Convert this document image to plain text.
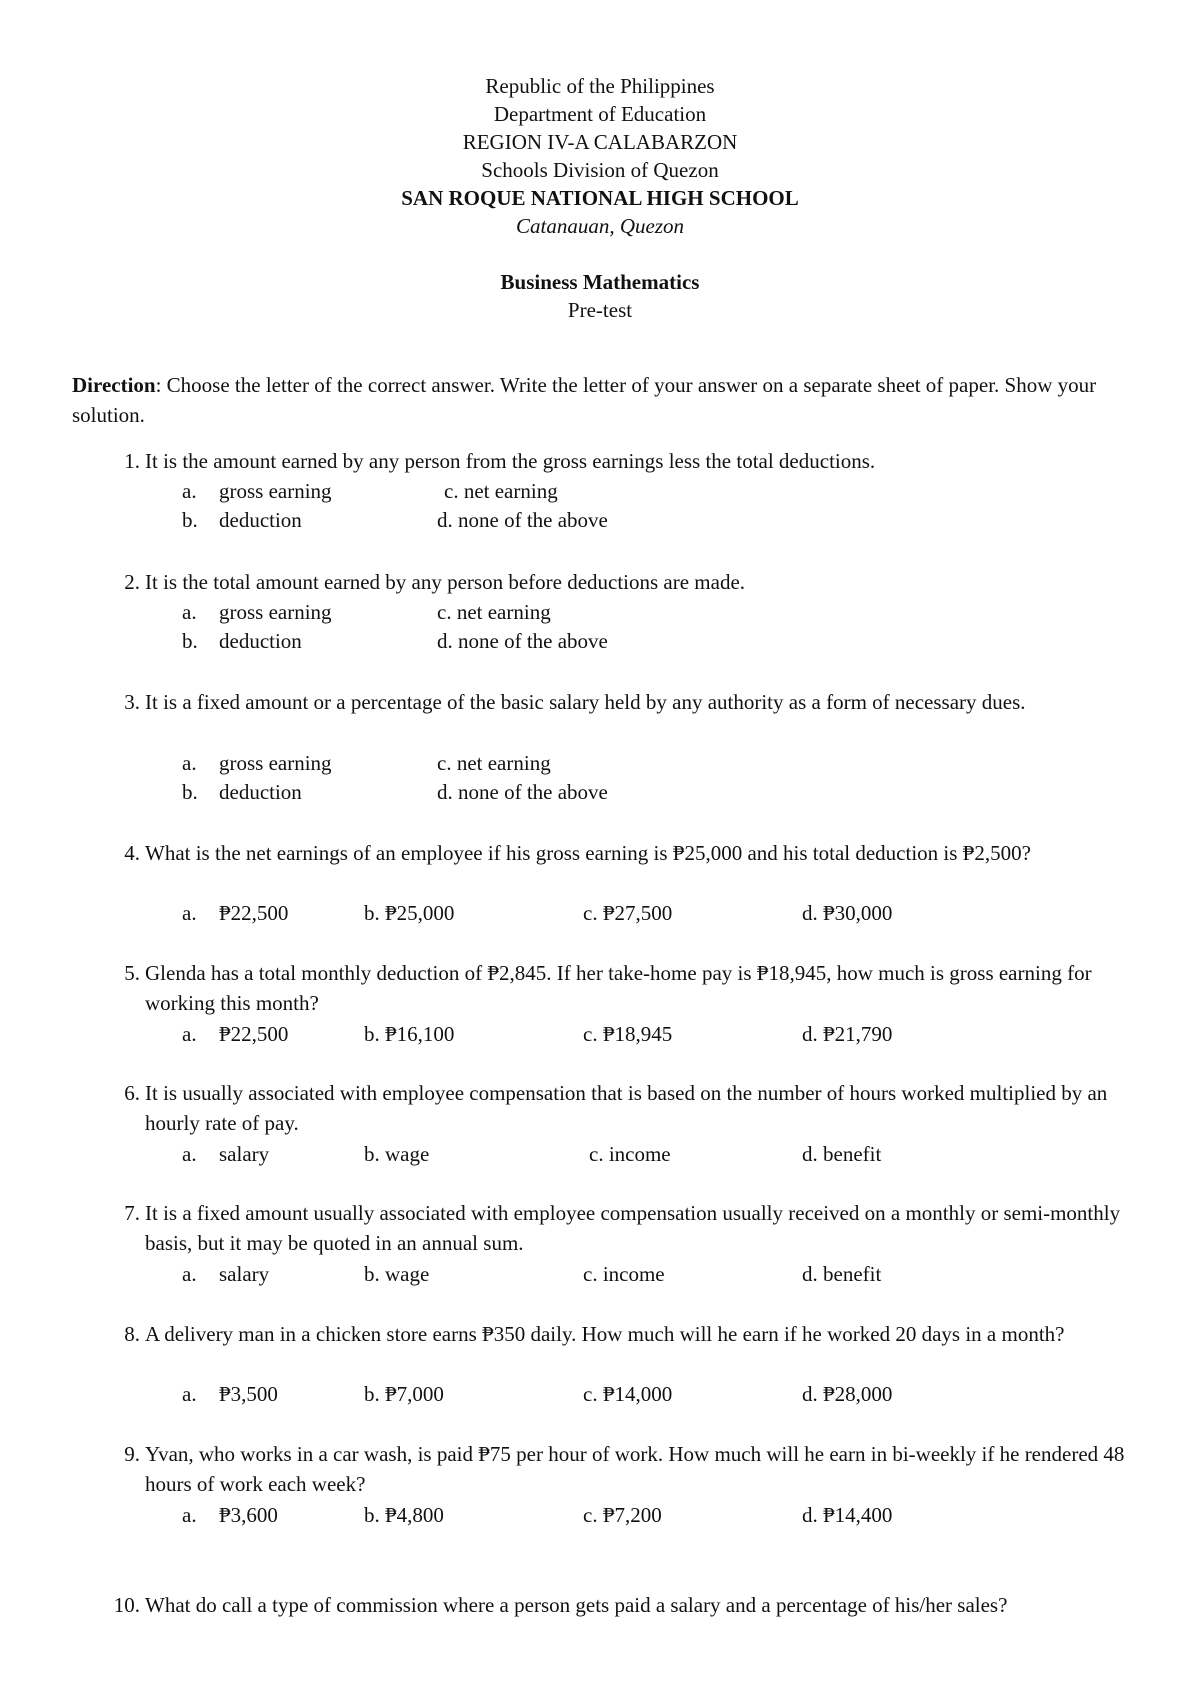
Republic of the Philippines
Department of Education
REGION IV-A CALABARZON
Schools Division of Quezon
SAN ROQUE NATIONAL HIGH SCHOOL
Catanauan, Quezon
Business Mathematics
Pre-test
Direction: Choose the letter of the correct answer. Write the letter of your answer on a separate sheet of paper. Show your solution.
1. It is the amount earned by any person from the gross earnings less the total deductions.
a. gross earning
b. deduction
c. net earning
d. none of the above
2. It is the total amount earned by any person before deductions are made.
a. gross earning
b. deduction
c. net earning
d. none of the above
3. It is a fixed amount or a percentage of the basic salary held by any authority as a form of necessary dues.
a. gross earning
b. deduction
c. net earning
d. none of the above
4. What is the net earnings of an employee if his gross earning is ₱25,000 and his total deduction is ₱2,500?
a. ₱22,500	b. ₱25,000	c. ₱27,500	d. ₱30,000
5. Glenda has a total monthly deduction of ₱2,845. If her take-home pay is ₱18,945, how much is gross earning for working this month?
a. ₱22,500	b. ₱16,100	c. ₱18,945	d. ₱21,790
6. It is usually associated with employee compensation that is based on the number of hours worked multiplied by an hourly rate of pay.
a. salary	b. wage	c. income	d. benefit
7. It is a fixed amount usually associated with employee compensation usually received on a monthly or semi-monthly basis, but it may be quoted in an annual sum.
a. salary	b. wage	c. income	d. benefit
8. A delivery man in a chicken store earns ₱350 daily. How much will he earn if he worked 20 days in a month?
a. ₱3,500	b. ₱7,000	c. ₱14,000	d. ₱28,000
9. Yvan, who works in a car wash, is paid ₱75 per hour of work. How much will he earn in bi-weekly if he rendered 48 hours of work each week?
a. ₱3,600	b. ₱4,800	c. ₱7,200	d. ₱14,400
10. What do call a type of commission where a person gets paid a salary and a percentage of his/her sales?
